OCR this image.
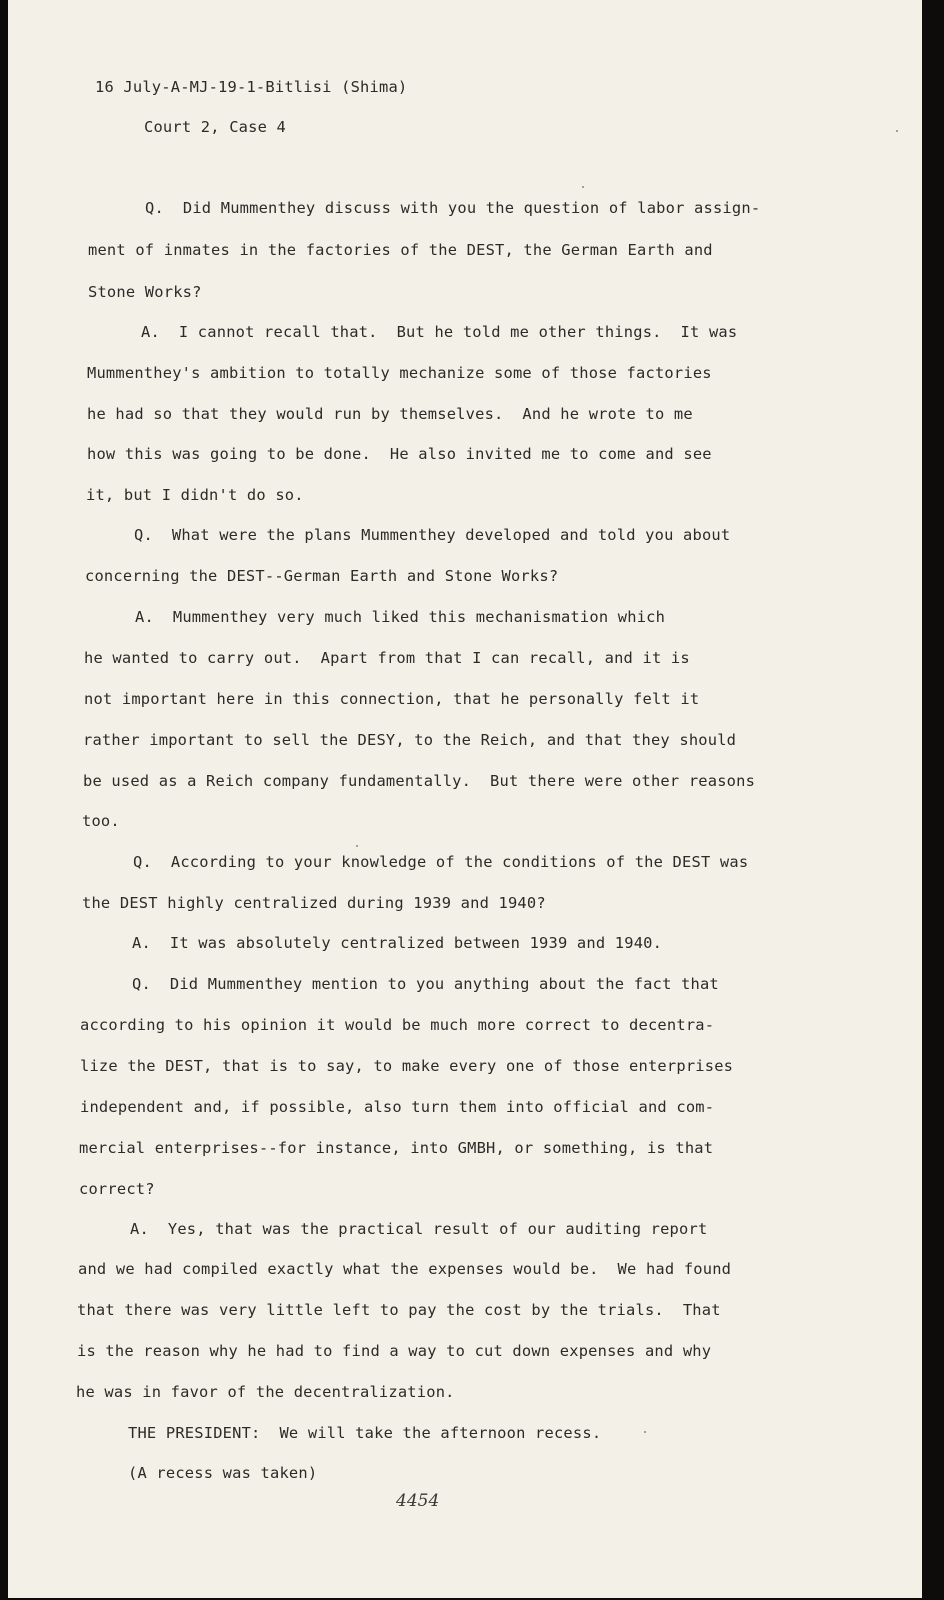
16 July-A-MJ-19-1-Bitlisi (Shima)
Court 2, Case 4
Q.  Did Mummenthey discuss with you the question of labor assign-
ment of inmates in the factories of the DEST, the German Earth and
Stone Works?
A.  I cannot recall that.  But he told me other things.  It was
Mummenthey's ambition to totally mechanize some of those factories
he had so that they would run by themselves.  And he wrote to me
how this was going to be done.  He also invited me to come and see
it, but I didn't do so.
Q.  What were the plans Mummenthey developed and told you about
concerning the DEST--German Earth and Stone Works?
A.  Mummenthey very much liked this mechanismation which
he wanted to carry out.  Apart from that I can recall, and it is
not important here in this connection, that he personally felt it
rather important to sell the DESY, to the Reich, and that they should
be used as a Reich company fundamentally.  But there were other reasons
too.
Q.  According to your knowledge of the conditions of the DEST was
the DEST highly centralized during 1939 and 1940?
A.  It was absolutely centralized between 1939 and 1940.
Q.  Did Mummenthey mention to you anything about the fact that
according to his opinion it would be much more correct to decentra-
lize the DEST, that is to say, to make every one of those enterprises
independent and, if possible, also turn them into official and com-
mercial enterprises--for instance, into GMBH, or something, is that
correct?
A.  Yes, that was the practical result of our auditing report
and we had compiled exactly what the expenses would be.  We had found
that there was very little left to pay the cost by the trials.  That
is the reason why he had to find a way to cut down expenses and why
he was in favor of the decentralization.
THE PRESIDENT:  We will take the afternoon recess.
(A recess was taken)
4454
